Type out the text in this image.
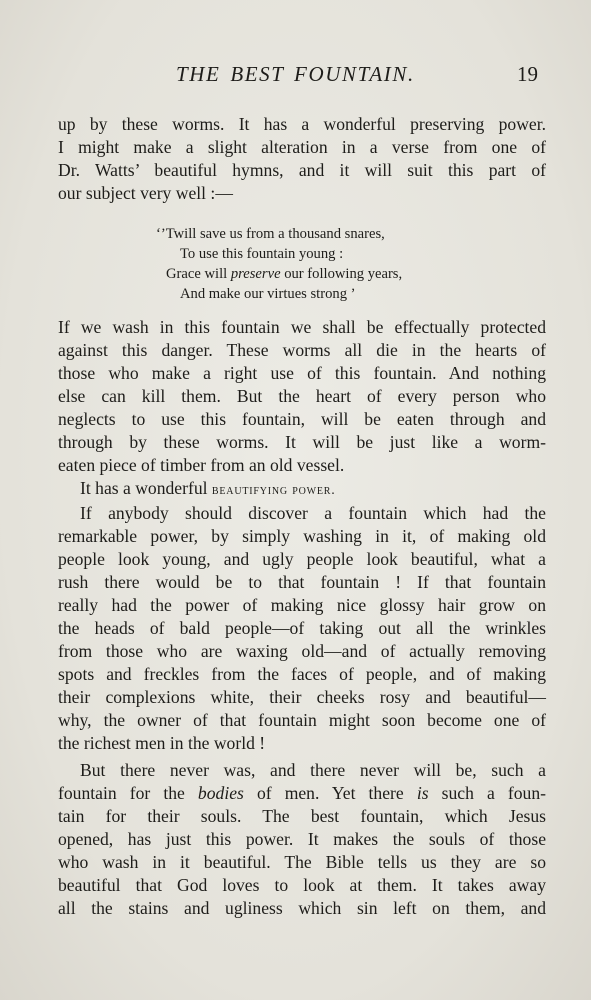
THE BEST FOUNTAIN.	19
up by these worms. It has a wonderful preserving power.
I might make a slight alteration in a verse from one of
Dr. Watts’ beautiful hymns, and it will suit this part of
our subject very well :—
‘’Twill save us from a thousand snares,
To use this fountain young :
Grace will preserve our following years,
And make our virtues strong ’
If we wash in this fountain we shall be effectually protected
against this danger. These worms all die in the hearts of
those who make a right use of this fountain. And nothing
else can kill them. But the heart of every person who
neglects to use this fountain, will be eaten through and
through by these worms. It will be just like a worm-
eaten piece of timber from an old vessel.
It has a wonderful beautifying power.
If anybody should discover a fountain which had the
remarkable power, by simply washing in it, of making old
people look young, and ugly people look beautiful, what a
rush there would be to that fountain ! If that fountain
really had the power of making nice glossy hair grow on
the heads of bald people—of taking out all the wrinkles
from those who are waxing old—and of actually removing
spots and freckles from the faces of people, and of making
their complexions white, their cheeks rosy and beautiful—
why, the owner of that fountain might soon become one of
the richest men in the world !
But there never was, and there never will be, such a
fountain for the bodies of men. Yet there is such a foun-
tain for their souls. The best fountain, which Jesus
opened, has just this power. It makes the souls of those
who wash in it beautiful. The Bible tells us they are so
beautiful that God loves to look at them. It takes away
all the stains and ugliness which sin left on them, and
